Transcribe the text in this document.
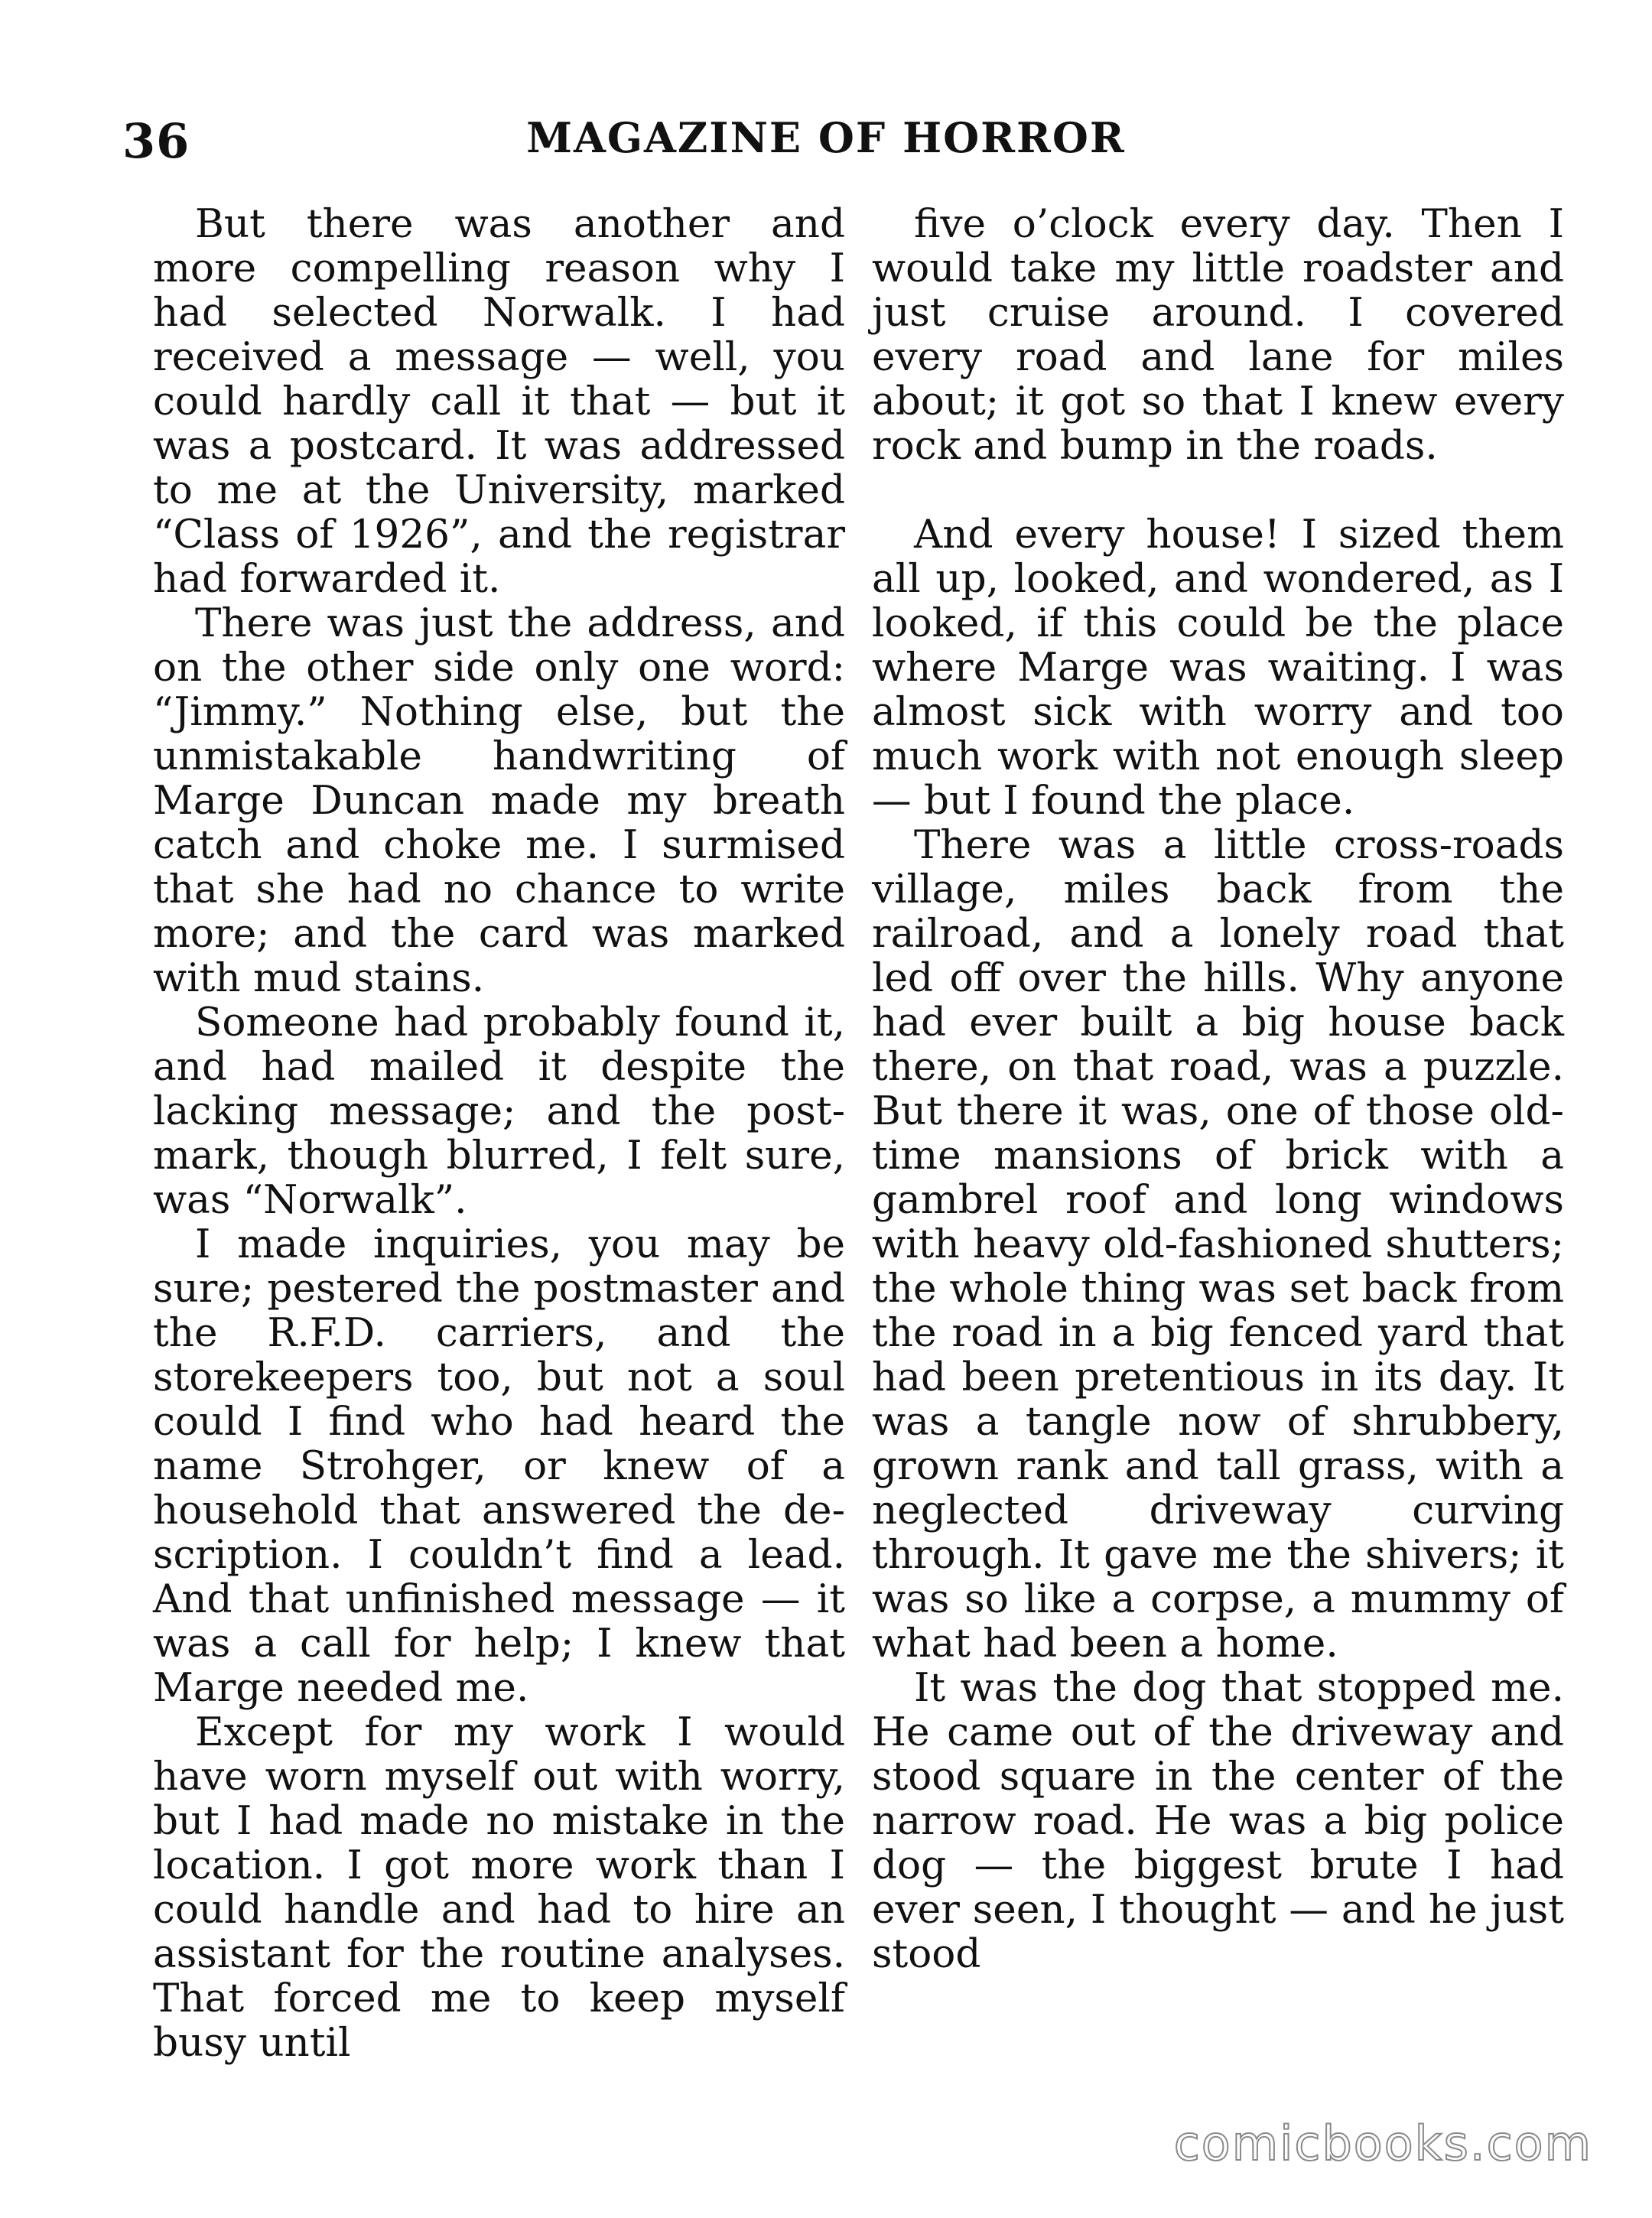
36	MAGAZINE OF HORROR

But there was another and more compelling reason why I had selected Norwalk. I had received a message — well, you could hardly call it that — but it was a postcard. It was addressed to me at the University, marked “Class of 1926”, and the registrar had forwarded it.

There was just the address, and on the other side only one word: “Jimmy.” Nothing else, but the unmistakable handwriting of Marge Duncan made my breath catch and choke me. I surmised that she had no chance to write more; and the card was marked with mud stains.

Someone had probably found it, and had mailed it despite the lacking message; and the postmark, though blurred, I felt sure, was “Norwalk”.

I made inquiries, you may be sure; pestered the postmaster and the R.F.D. carriers, and the storekeepers too, but not a soul could I find who had heard the name Strohger, or knew of a household that answered the description. I couldn’t find a lead. And that unfinished message — it was a call for help; I knew that Marge needed me.

Except for my work I would have worn myself out with worry, but I had made no mistake in the location. I got more work than I could handle and had to hire an assistant for the routine analyses. That forced me to keep myself busy until

five o’clock every day. Then I would take my little roadster and just cruise around. I covered every road and lane for miles about; it got so that I knew every rock and bump in the roads.

And every house! I sized them all up, looked, and wondered, as I looked, if this could be the place where Marge was waiting. I was almost sick with worry and too much work with not enough sleep — but I found the place.

There was a little cross-roads village, miles back from the railroad, and a lonely road that led off over the hills. Why anyone had ever built a big house back there, on that road, was a puzzle. But there it was, one of those old-time mansions of brick with a gambrel roof and long windows with heavy old-fashioned shutters; the whole thing was set back from the road in a big fenced yard that had been pretentious in its day. It was a tangle now of shrubbery, grown rank and tall grass, with a neglected driveway curving through. It gave me the shivers; it was so like a corpse, a mummy of what had been a home.

It was the dog that stopped me. He came out of the driveway and stood square in the center of the narrow road. He was a big police dog — the biggest brute I had ever seen, I thought — and he just stood

comicbooks.com
